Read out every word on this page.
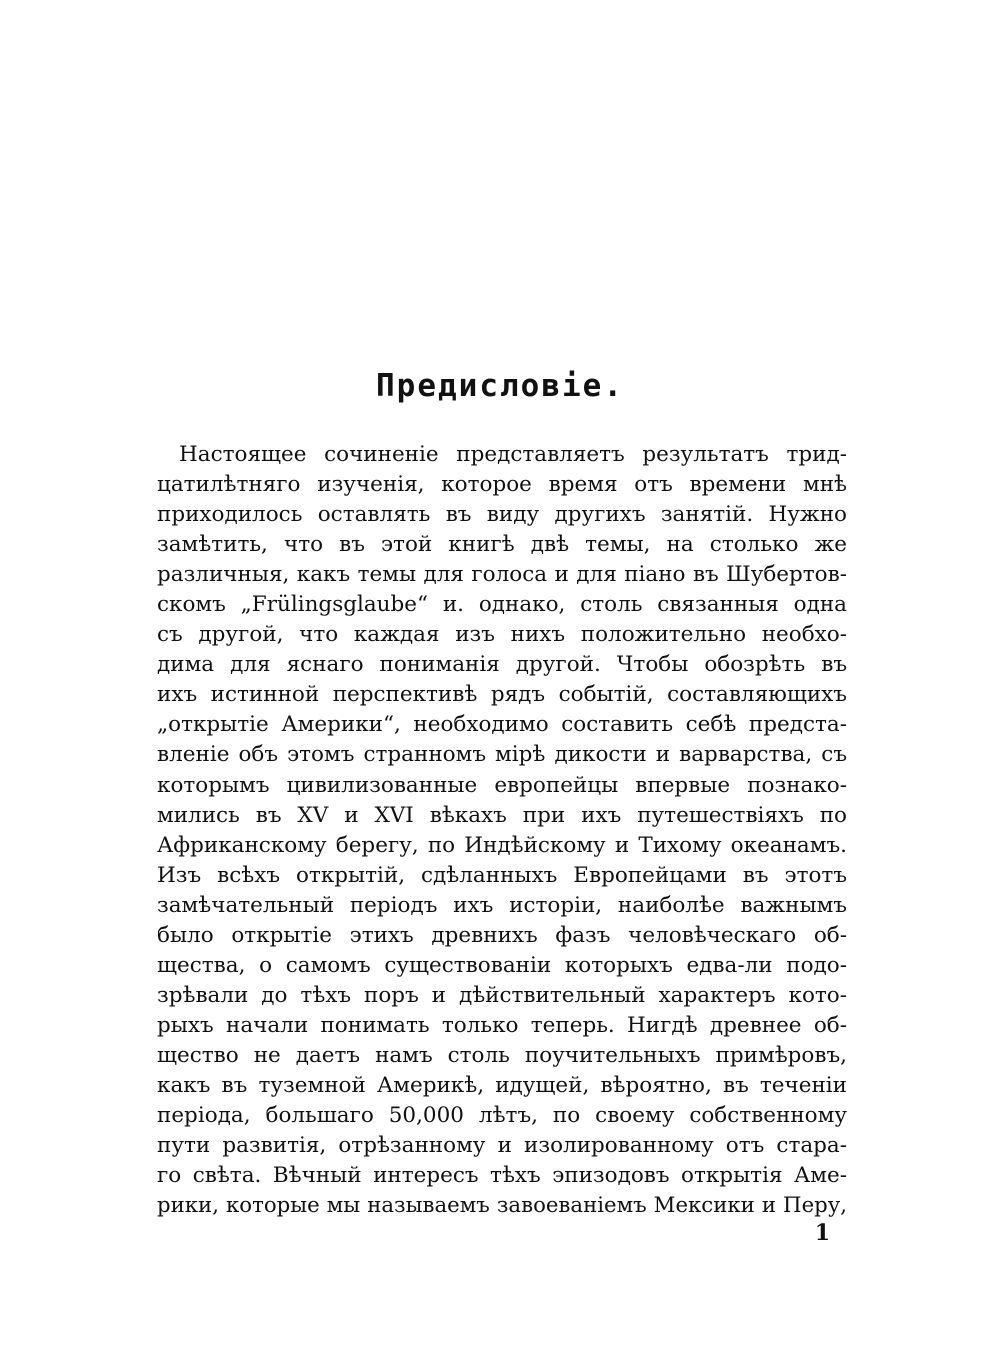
Предисловіе.
Настоящее сочиненіе представляетъ результатъ трид-
цатилѣтняго изученія, которое время отъ времени мнѣ
приходилось оставлять въ виду другихъ занятій. Нужно
замѣтить, что въ этой книгѣ двѣ темы, на столько же
различныя, какъ темы для голоса и для піано въ Шубертов-
скомъ „Frülingsglaube“ и. однако, столь связанныя одна
съ другой, что каждая изъ нихъ положительно необхо-
дима для яснаго пониманія другой. Чтобы обозрѣть въ
ихъ истинной перспективѣ рядъ событій, составляющихъ
„открытіе Америки“, необходимо составить себѣ предста-
вленіе объ этомъ странномъ мірѣ дикости и варварства, съ
которымъ цивилизованные европейцы впервые познако-
мились въ XV и XVI вѣкахъ при ихъ путешествіяхъ по
Африканскому берегу, по Индѣйскому и Тихому океанамъ.
Изъ всѣхъ открытій, сдѣланныхъ Европейцами въ этотъ
замѣчательный періодъ ихъ исторіи, наиболѣе важнымъ
было открытіе этихъ древнихъ фазъ человѣческаго об-
щества, о самомъ существованіи которыхъ едва-ли подо-
зрѣвали до тѣхъ поръ и дѣйствительный характеръ кото-
рыхъ начали понимать только теперь. Нигдѣ древнее об-
щество не даетъ намъ столь поучительныхъ примѣровъ,
какъ въ туземной Америкѣ, идущей, вѣроятно, въ теченіи
періода, большаго 50,000 лѣтъ, по своему собственному
пути развитія, отрѣзанному и изолированному отъ стара-
го свѣта. Вѣчный интересъ тѣхъ эпизодовъ открытія Аме-
рики, которые мы называемъ завоеваніемъ Мексики и Перу,
1
